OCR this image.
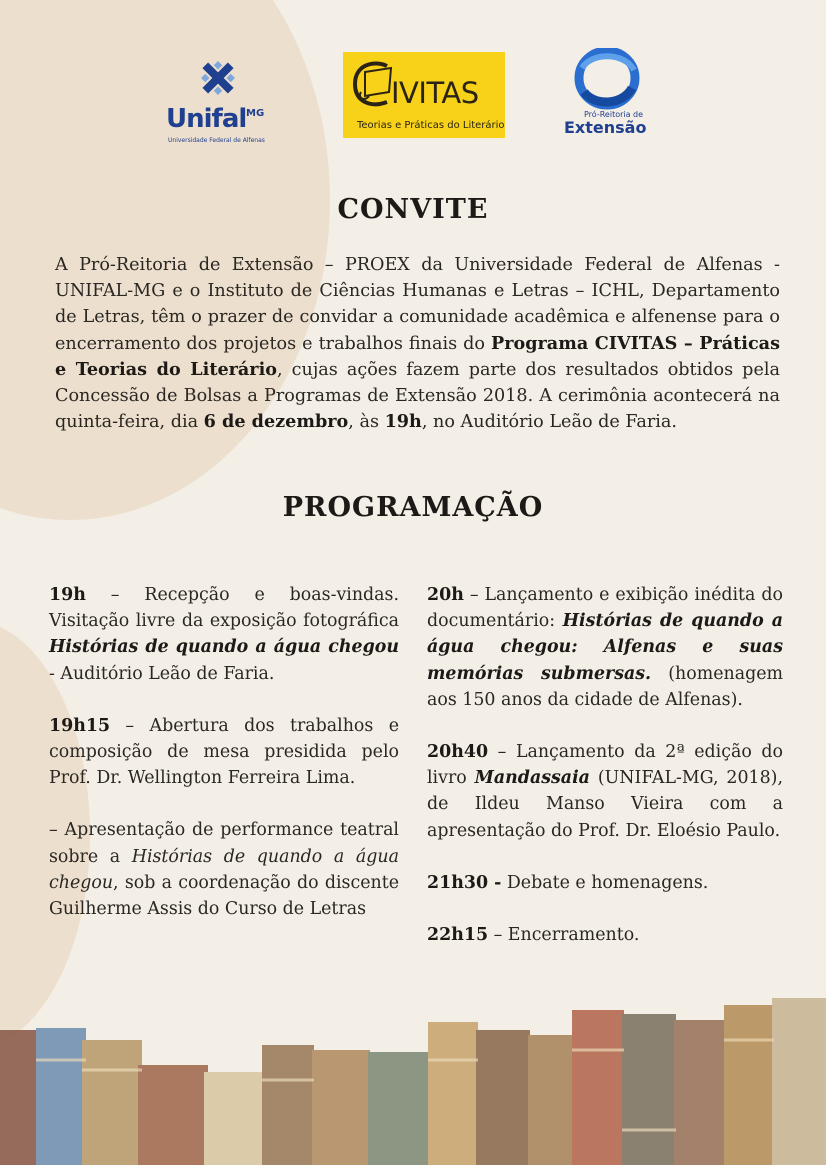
Unifal MG
Universidade Federal de Alfenas
IVITAS
Teorias e Práticas do Literário
Pró-Reitoria de
Extensão
CONVITE

A Pró-Reitoria de Extensão – PROEX da Universidade Federal de Alfenas - UNIFAL-MG e o Instituto de Ciências Humanas e Letras – ICHL, Departamento de Letras, têm o prazer de convidar a comunidade acadêmica e alfenense para o encerramento dos projetos e trabalhos finais do Programa CIVITAS – Práticas e Teorias do Literário, cujas ações fazem parte dos resultados obtidos pela Concessão de Bolsas a Programas de Extensão 2018. A cerimônia acontecerá na quinta-feira, dia 6 de dezembro, às 19h, no Auditório Leão de Faria.

PROGRAMAÇÃO

19h – Recepção e boas-vindas. Visitação livre da exposição fotográfica Histórias de quando a água chegou - Auditório Leão de Faria.

19h15 – Abertura dos trabalhos e composição de mesa presidida pelo Prof. Dr. Wellington Ferreira Lima.

– Apresentação de performance teatral sobre a Histórias de quando a água chegou, sob a coordenação do discente Guilherme Assis do Curso de Letras

20h – Lançamento e exibição inédita do documentário: Histórias de quando a água chegou: Alfenas e suas memórias submersas. (homenagem aos 150 anos da cidade de Alfenas).

20h40 – Lançamento da 2ª edição do livro Mandassaia (UNIFAL-MG, 2018), de Ildeu Manso Vieira com a apresentação do Prof. Dr. Eloésio Paulo.

21h30 - Debate e homenagens.

22h15 – Encerramento.
